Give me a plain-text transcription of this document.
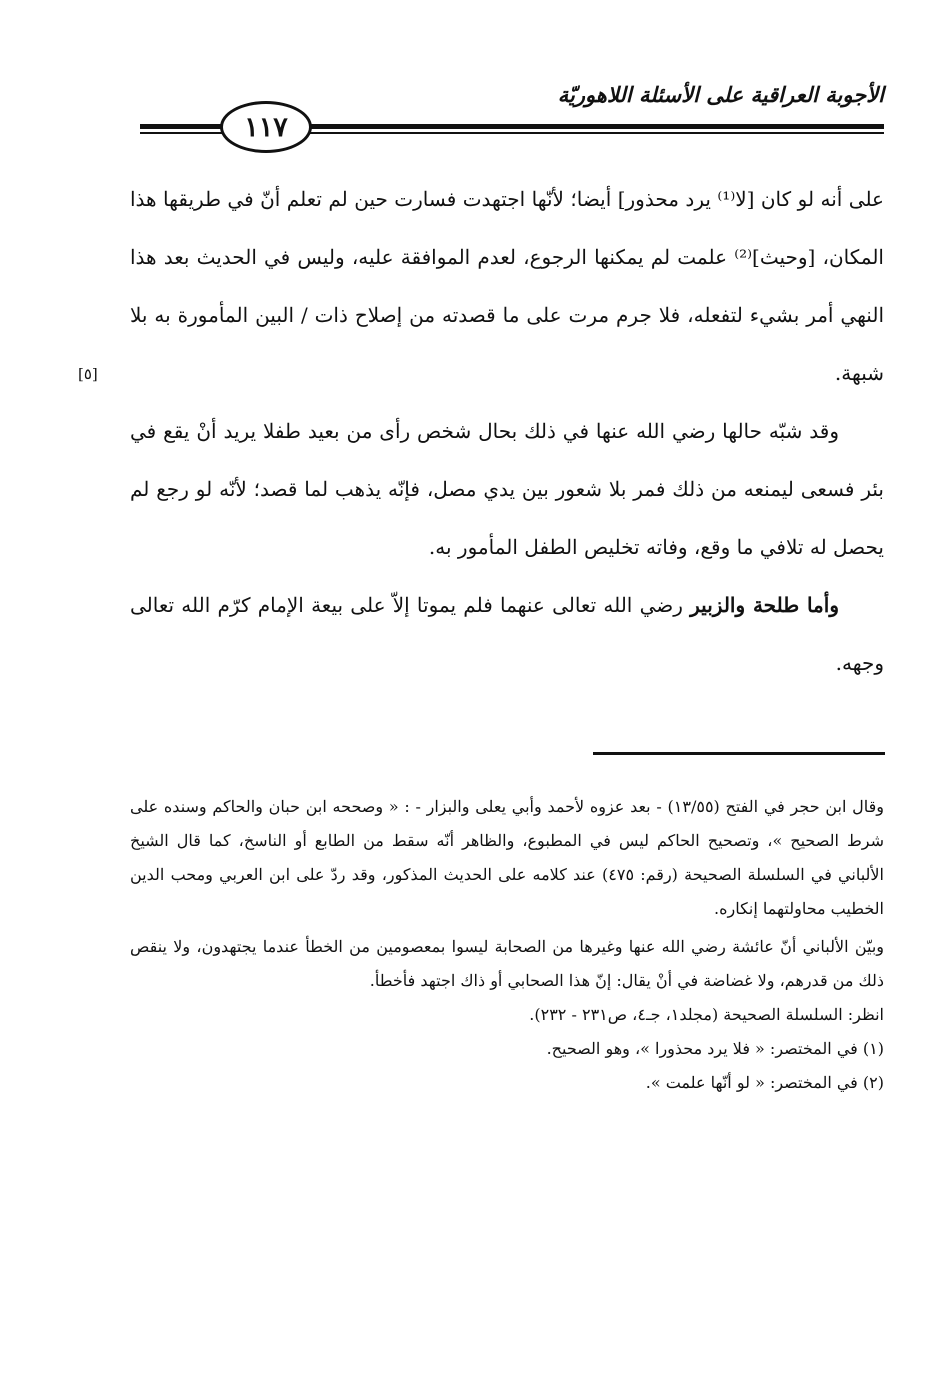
الأجوبة العراقية على الأسئلة اللاهوريّة
١١٧
[٥]

على أنه لو كان [لا⁽¹⁾ يرد محذور] أيضا؛ لأنّها اجتهدت فسارت حين لم تعلم أنّ في طريقها هذا المكان، [وحيث]⁽²⁾ علمت لم يمكنها الرجوع، لعدم الموافقة عليه، وليس في الحديث بعد هذا النهي أمر بشيء لتفعله، فلا جرم مرت على ما قصدته من إصلاح ذات / البين المأمورة به بلا شبهة.

وقد شبّه حالها رضي الله عنها في ذلك بحال شخص رأى من بعيد طفلا يريد أنْ يقع في بئر فسعى ليمنعه من ذلك فمر بلا شعور بين يدي مصل، فإنّه يذهب لما قصد؛ لأنّه لو رجع لم يحصل له تلافي ما وقع، وفاته تخليص الطفل المأمور به.

وأما طلحة والزبير رضي الله تعالى عنهما فلم يموتا إلاّ على بيعة الإمام كرّم الله تعالى وجهه.

وقال ابن حجر في الفتح (١٣/٥٥) - بعد عزوه لأحمد وأبي يعلى والبزار - : « وصححه ابن حبان والحاكم وسنده على شرط الصحيح »، وتصحيح الحاكم ليس في المطبوع، والظاهر أنّه سقط من الطابع أو الناسخ، كما قال الشيخ الألباني في السلسلة الصحيحة (رقم: ٤٧٥) عند كلامه على الحديث المذكور، وقد ردّ على ابن العربي ومحب الدين الخطيب محاولتهما إنكاره.

وبيّن الألباني أنّ عائشة رضي الله عنها وغيرها من الصحابة ليسوا بمعصومين من الخطأ عندما يجتهدون، ولا ينقص ذلك من قدرهم، ولا غضاضة في أنْ يقال: إنّ هذا الصحابي أو ذاك اجتهد فأخطأ.

انظر: السلسلة الصحيحة (مجلد١، جـ٤، ص٢٣١ - ٢٣٢).

(١) في المختصر: « فلا يرد محذورا »، وهو الصحيح.

(٢) في المختصر: « لو أنّها علمت ».
